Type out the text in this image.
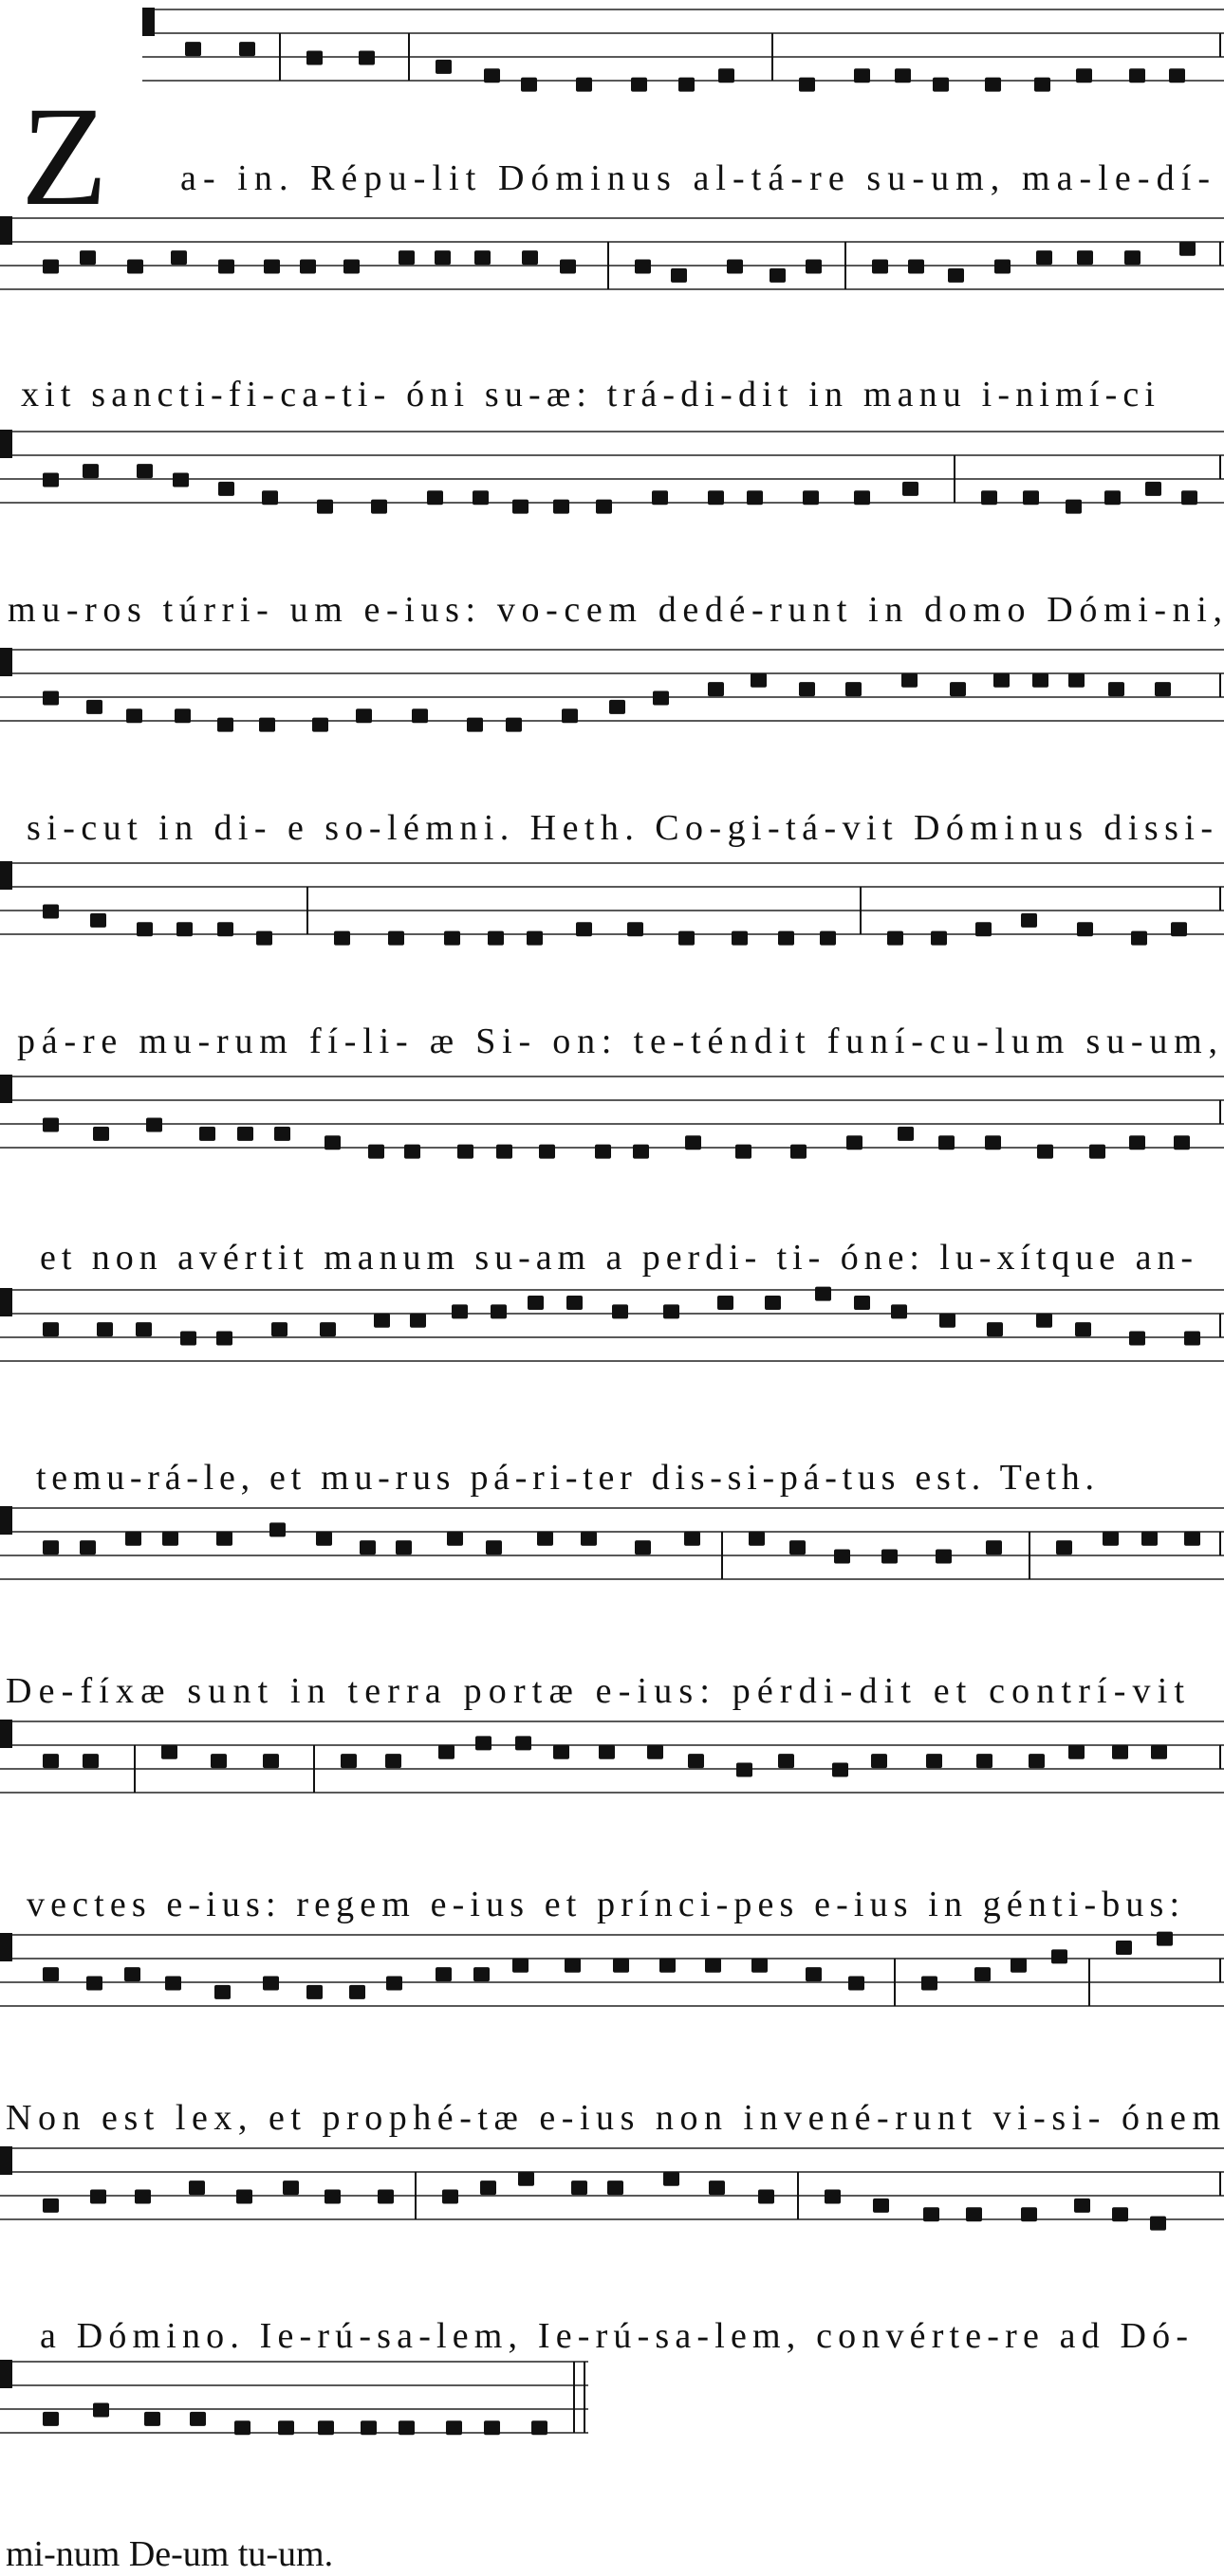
Z a- in. Répu-lit Dóminus al-tá-re su-um, ma-le-dí-
xit sancti-fi-ca-ti- óni su-æ: trá-di-dit in manu i-nimí-ci
mu-ros túrri- um e-ius: vo-cem dedé-runt in domo Dómi-ni,
si-cut in di- e so-lémni. Heth. Co-gi-tá-vit Dóminus dissi-
pá-re mu-rum fí-li- æ Si- on: te-téndit funí-cu-lum su-um,
et non avértit manum su-am a perdi- ti- óne: lu-xítque an-
temu-rá-le, et mu-rus pá-ri-ter dis-si-pá-tus est. Teth.
De-fíxæ sunt in terra portæ e-ius: pérdi-dit et contrí-vit
vectes e-ius: regem e-ius et prínci-pes e-ius in génti-bus:
Non est lex, et prophé-tæ e-ius non invené-runt vi-si- ónem
a Dómino. Ie-rú-sa-lem, Ie-rú-sa-lem, convérte-re ad Dó-
mi-num De-um tu-um.
